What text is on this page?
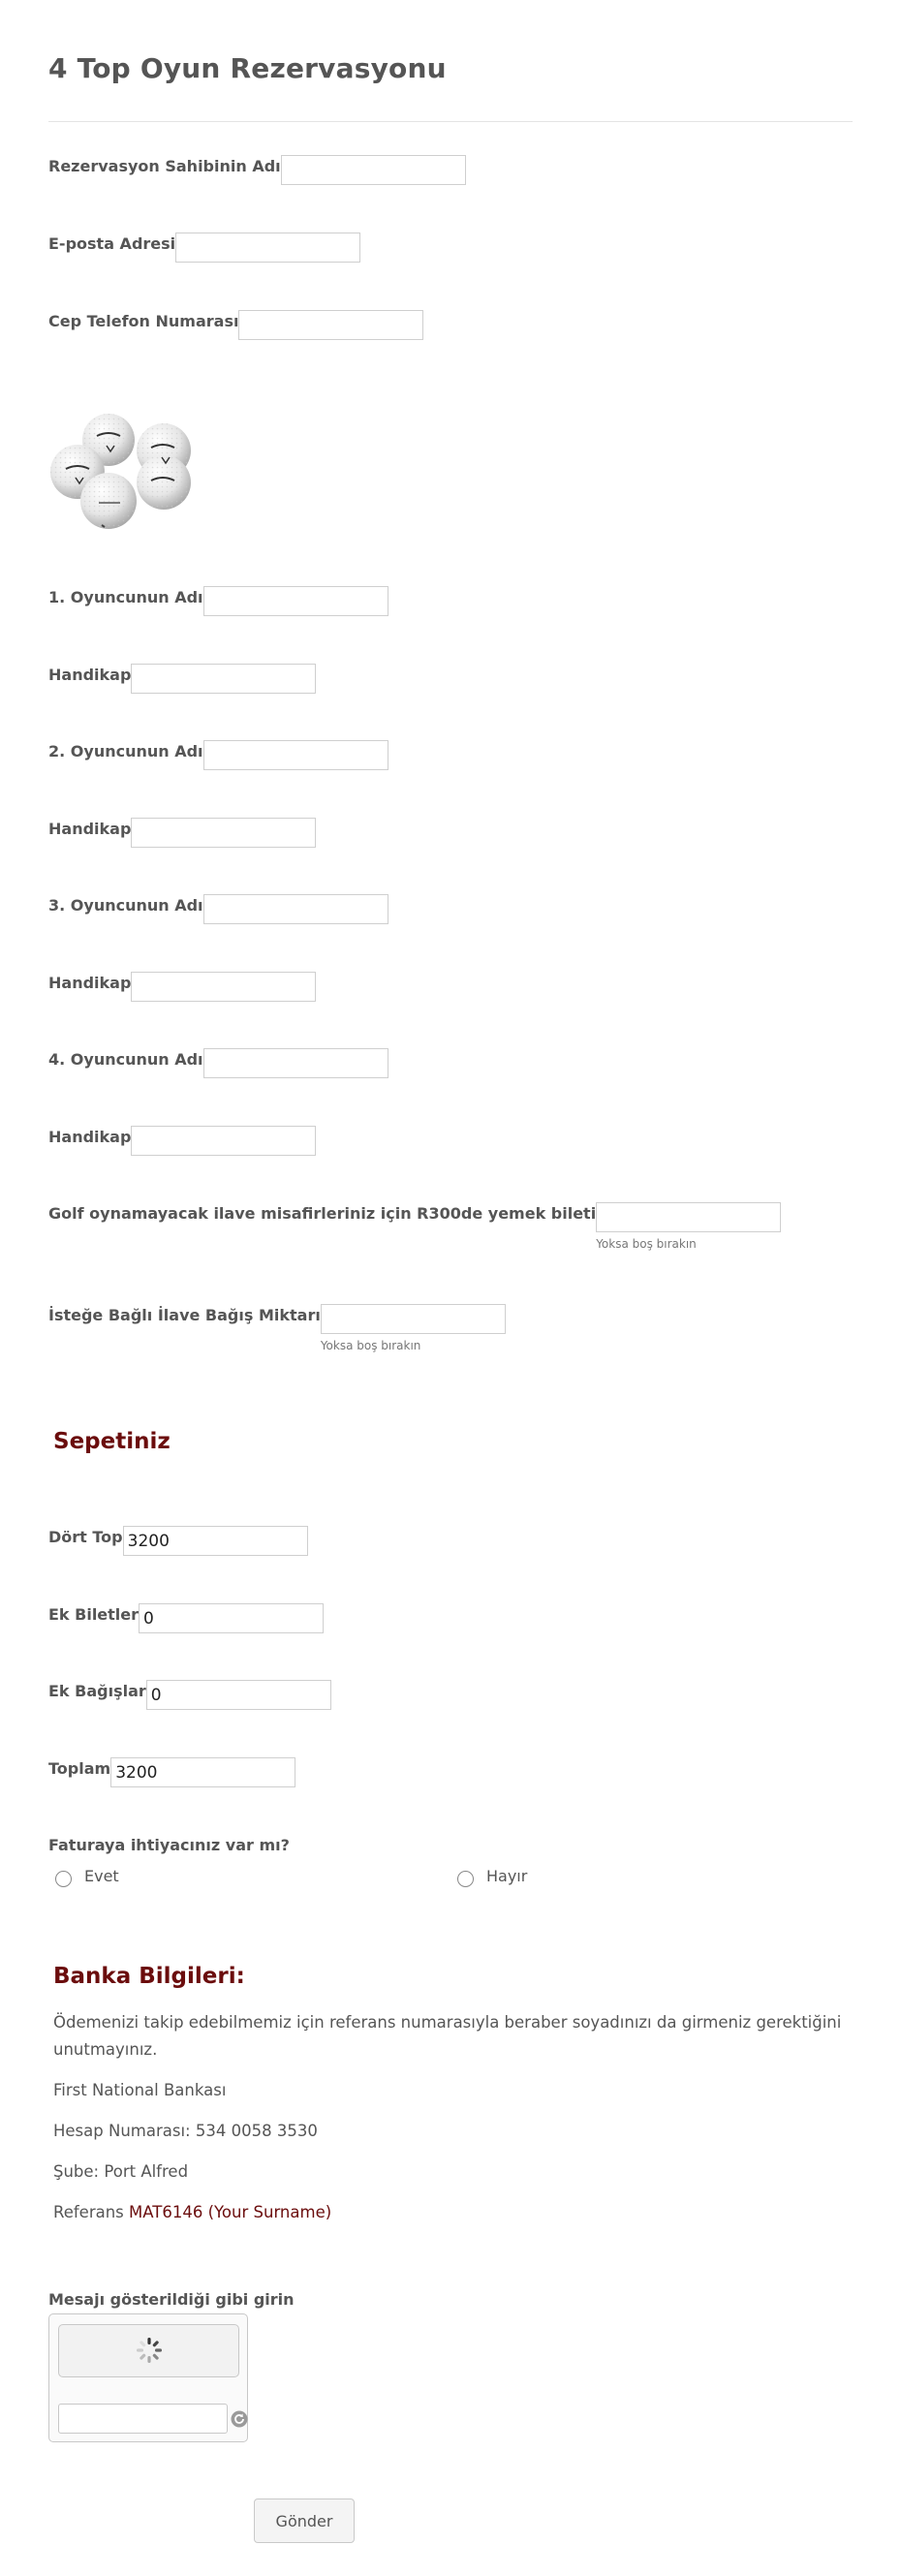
4 Top Oyun Rezervasyonu
Rezervasyon Sahibinin Adı
E-posta Adresi
Cep Telefon Numarası
1. Oyuncunun Adı
Handikap
2. Oyuncunun Adı
Handikap
3. Oyuncunun Adı
Handikap
4. Oyuncunun Adı
Handikap
Golf oynamayacak ilave misafirleriniz için R300de yemek bileti
Yoksa boş bırakın
İsteğe Bağlı İlave Bağış Miktarı
Yoksa boş bırakın
Sepetiniz
Dört Top3200
Ek Biletler0
Ek Bağışlar0
Toplam3200
Faturaya ihtiyacınız var mı?
Evet	Hayır
Banka Bilgileri:

Ödemenizi takip edebilmemiz için referans numarasıyla beraber soyadınızı da girmeniz gerektiğini unutmayınız.

First National Bankası

Hesap Numarası: 534 0058 3530

Şube: Port Alfred

Referans MAT6146 (Your Surname)

Mesajı gösterildiği gibi girin
Gönder
